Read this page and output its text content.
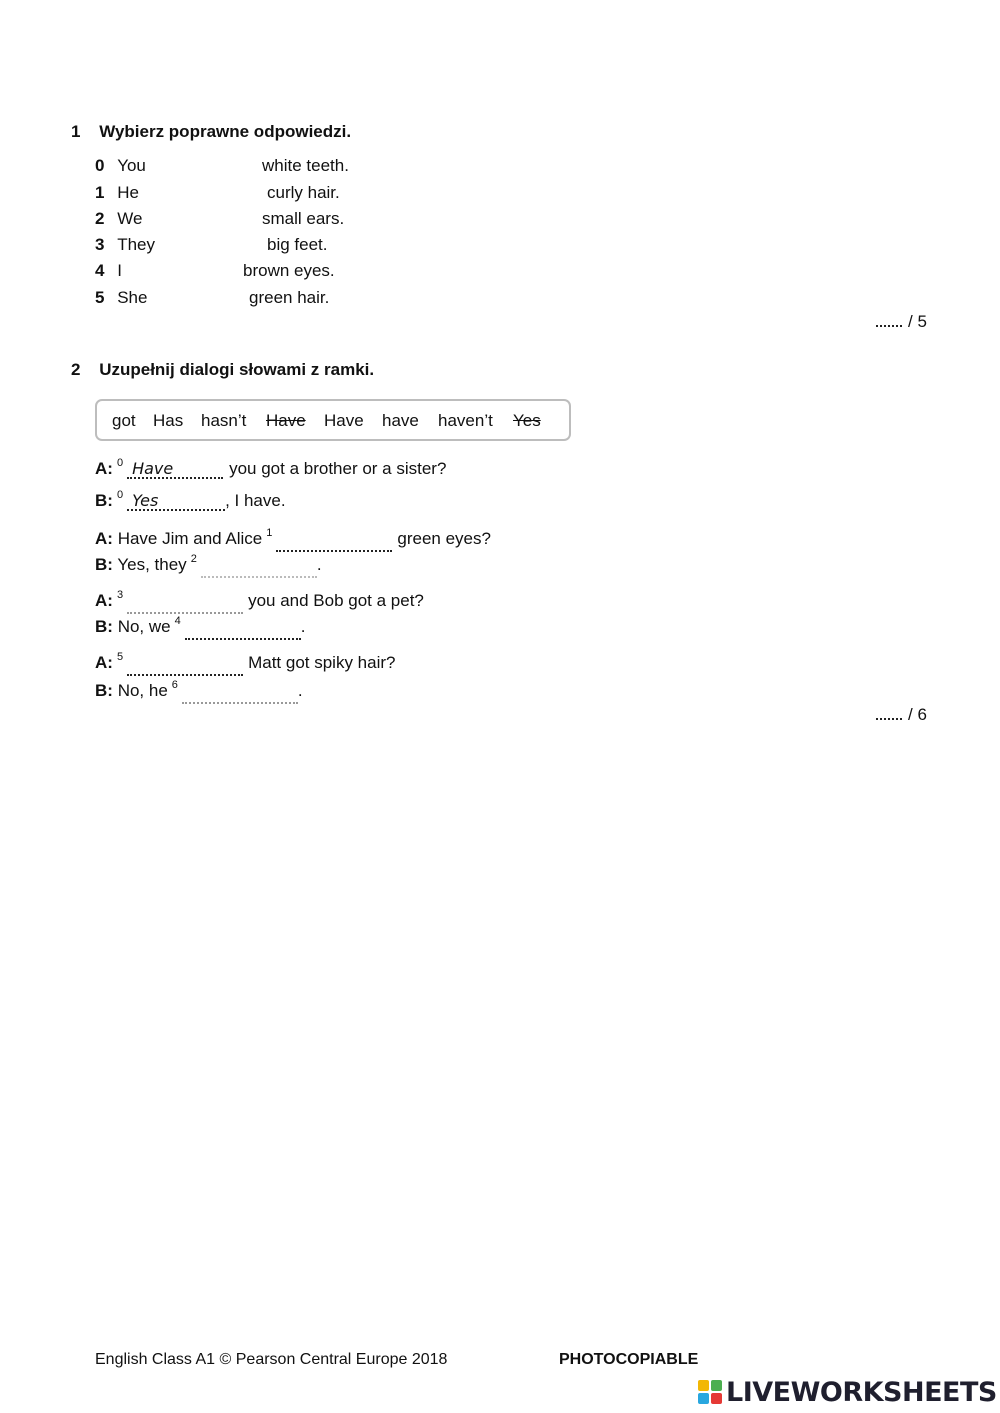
1 Wybierz poprawne odpowiedzi.
0 You	white teeth.
1 He	curly hair.
2 We	small ears.
3 They	big feet.
4 I	brown eyes.
5 She	green hair.
/ 5
2 Uzupełnij dialogi słowami z ramki.
got Has hasn’t Have Have have haven’t Yes
A: $^0$ Have	you got a brother or a sister?
B: $^0$ Yes	, I have.
A: Have Jim and Alice $^1$	green eyes?
B: Yes, they $^2$	.
A: $^3$	you and Bob got a pet?
B: No, we $^4$	.
A: $^5$	Matt got spiky hair?
B: No, he $^6$	.
/ 6
English Class A1 © Pearson Central Europe 2018	PHOTOCOPIABLE
LIVEWORKSHEETS
